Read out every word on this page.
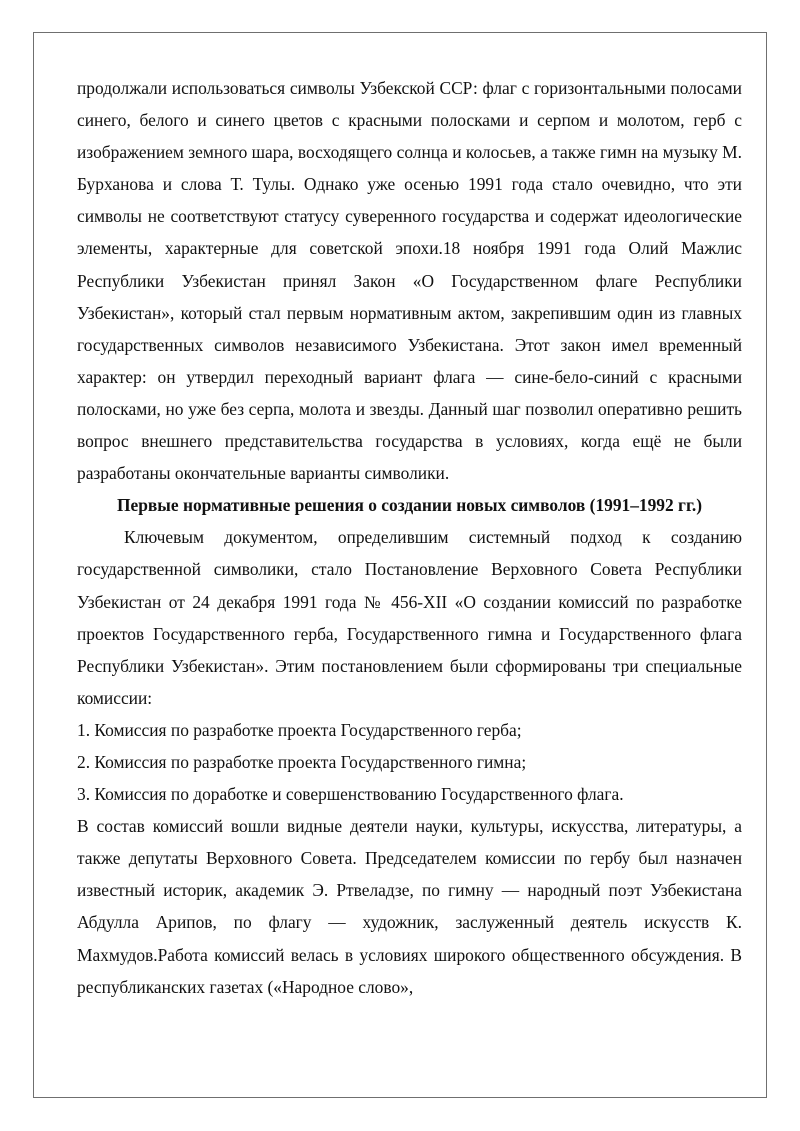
продолжали использоваться символы Узбекской ССР: флаг с горизонтальными полосами синего, белого и синего цветов с красными полосками и серпом и молотом, герб с изображением земного шара, восходящего солнца и колосьев, а также гимн на музыку М. Бурханова и слова Т. Тулы. Однако уже осенью 1991 года стало очевидно, что эти символы не соответствуют статусу суверенного государства и содержат идеологические элементы, характерные для советской эпохи.18 ноября 1991 года Олий Мажлис Республики Узбекистан принял Закон «О Государственном флаге Республики Узбекистан», который стал первым нормативным актом, закрепившим один из главных государственных символов независимого Узбекистана. Этот закон имел временный характер: он утвердил переходный вариант флага — сине-бело-синий с красными полосками, но уже без серпа, молота и звезды. Данный шаг позволил оперативно решить вопрос внешнего представительства государства в условиях, когда ещё не были разработаны окончательные варианты символики.

Первые нормативные решения о создании новых символов (1991–1992 гг.)

Ключевым документом, определившим системный подход к созданию государственной символики, стало Постановление Верховного Совета Республики Узбекистан от 24 декабря 1991 года № 456-XII «О создании комиссий по разработке проектов Государственного герба, Государственного гимна и Государственного флага Республики Узбекистан». Этим постановлением были сформированы три специальные комиссии:

1. Комиссия по разработке проекта Государственного герба;

2. Комиссия по разработке проекта Государственного гимна;

3. Комиссия по доработке и совершенствованию Государственного флага.

В состав комиссий вошли видные деятели науки, культуры, искусства, литературы, а также депутаты Верховного Совета. Председателем комиссии по гербу был назначен известный историк, академик Э. Ртвеладзе, по гимну — народный поэт Узбекистана Абдулла Арипов, по флагу — художник, заслуженный деятель искусств К. Махмудов.Работа комиссий велась в условиях широкого общественного обсуждения. В республиканских газетах («Народное слово»,
